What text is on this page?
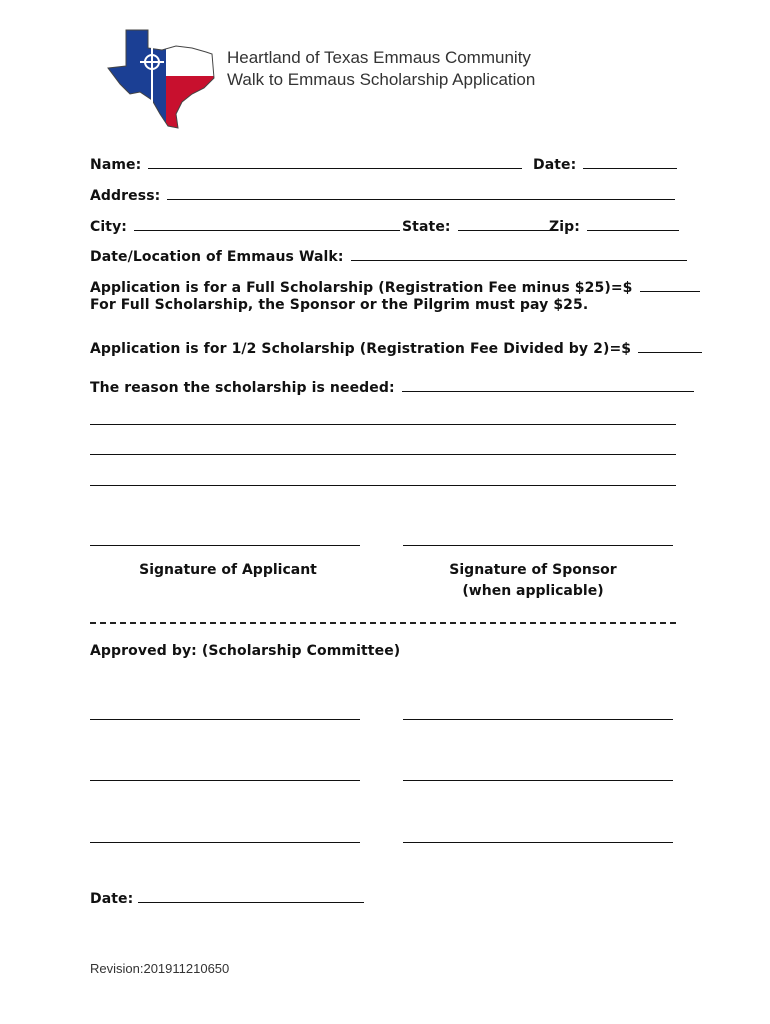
Heartland of Texas Emmaus Community
Walk to Emmaus Scholarship Application
Name:	Date:
Address:
City:	State:	Zip:
Date/Location of Emmaus Walk:
Application is for a Full Scholarship (Registration Fee minus $25)=$
For Full Scholarship, the Sponsor or the Pilgrim must pay $25.
Application is for 1/2 Scholarship (Registration Fee Divided by 2)=$
The reason the scholarship is needed:
Signature of Applicant	Signature of Sponsor
(when applicable)
Approved by: (Scholarship Committee)
Date:
Revision:201911210650
